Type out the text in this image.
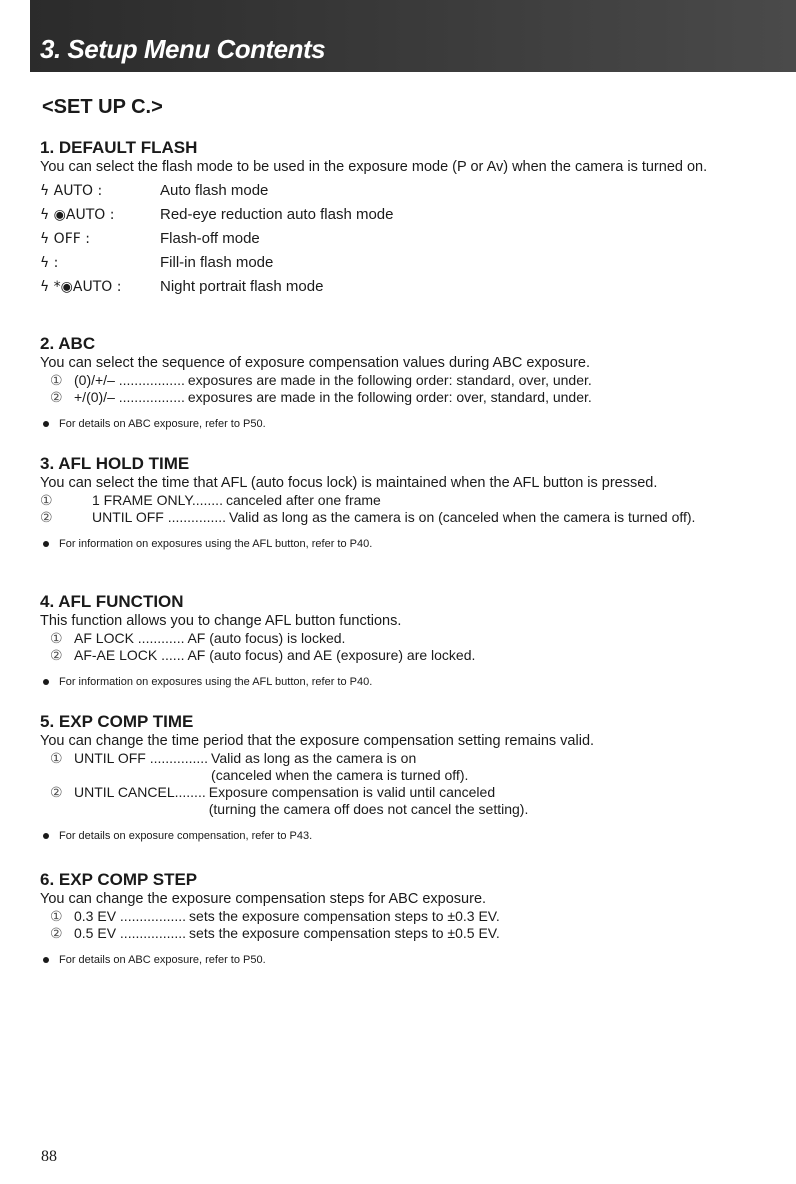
3. Setup Menu Contents
<SET UP C.>
1. DEFAULT FLASH
You can select the flash mode to be used in the exposure mode (P or Av) when the camera is turned on.
ϟ AUTO :	Auto flash mode
ϟ ◉AUTO :	Red-eye reduction auto flash mode
ϟ OFF :	Flash-off mode
ϟ :	Fill-in flash mode
ϟ *◉AUTO :	Night portrait flash mode
2. ABC
You can select the sequence of exposure compensation values during ABC exposure.
① (0)/+/– ................. exposures are made in the following order: standard, over, under.
② +/(0)/– ................. exposures are made in the following order: over, standard, under.
For details on ABC exposure, refer to P50.
3. AFL HOLD TIME
You can select the time that AFL (auto focus lock) is maintained when the AFL button is pressed.
①	1 FRAME ONLY........ canceled after one frame
②	UNTIL OFF ............... Valid as long as the camera is on (canceled when the camera is turned off).
For information on exposures using the AFL button, refer to P40.
4. AFL FUNCTION
This function allows you to change AFL button functions.
① AF LOCK ............ AF (auto focus) is locked.
② AF-AE LOCK ...... AF (auto focus) and AE (exposure) are locked.
For information on exposures using the AFL button, refer to P40.
5. EXP COMP TIME
You can change the time period that the exposure compensation setting remains valid.
① UNTIL OFF ............... Valid as long as the camera is on
(canceled when the camera is turned off).
② UNTIL CANCEL........ Exposure compensation is valid until canceled
(turning the camera off does not cancel the setting).
For details on exposure compensation, refer to P43.
6. EXP COMP STEP
You can change the exposure compensation steps for ABC exposure.
① 0.3 EV ................. sets the exposure compensation steps to ±0.3 EV.
② 0.5 EV ................. sets the exposure compensation steps to ±0.5 EV.
For details on ABC exposure, refer to P50.
88
